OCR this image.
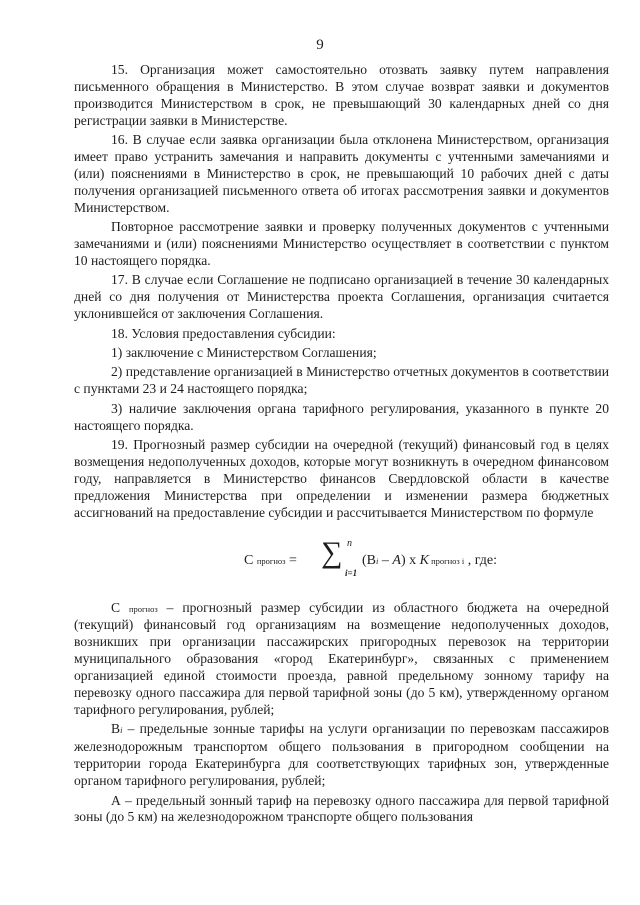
9

15. Организация может самостоятельно отозвать заявку путем направления письменного обращения в Министерство. В этом случае возврат заявки и документов производится Министерством в срок, не превышающий 30 календарных дней со дня регистрации заявки в Министерстве.

16. В случае если заявка организации была отклонена Министерством, организация имеет право устранить замечания и направить документы с учтенными замечаниями и (или) пояснениями в Министерство в срок, не превышающий 10 рабочих дней с даты получения организацией письменного ответа об итогах рассмотрения заявки и документов Министерством.

Повторное рассмотрение заявки и проверку полученных документов с учтенными замечаниями и (или) пояснениями Министерство осуществляет в соответствии с пунктом 10 настоящего порядка.

17. В случае если Соглашение не подписано организацией в течение 30 календарных дней со дня получения от Министерства проекта Соглашения, организация считается уклонившейся от заключения Соглашения.

18. Условия предоставления субсидии:

1) заключение с Министерством Соглашения;

2) представление организацией в Министерство отчетных документов в соответствии с пунктами 23 и 24 настоящего порядка;

3) наличие заключения органа тарифного регулирования, указанного в пункте 20 настоящего порядка.

19. Прогнозный размер субсидии на очередной (текущий) финансовый год в целях возмещения недополученных доходов, которые могут возникнуть в очередном финансовом году, направляется в Министерство финансов Свердловской области в качестве предложения Министерства при определении и изменении размера бюджетных ассигнований на предоставление субсидии и рассчитывается Министерством по формуле

С прогноз = ∑ n
i=1
(Вi – A) х K прогноз i , где:

С прогноз – прогнозный размер субсидии из областного бюджета на очередной (текущий) финансовый год организациям на возмещение недополученных доходов, возникших при организации пассажирских пригородных перевозок на территории муниципального образования «город Екатеринбург», связанных с применением организацией единой стоимости проезда, равной предельному зонному тарифу на перевозку одного пассажира для первой тарифной зоны (до 5 км), утвержденному органом тарифного регулирования, рублей;

Вi – предельные зонные тарифы на услуги организации по перевозкам пассажиров железнодорожным транспортом общего пользования в пригородном сообщении на территории города Екатеринбурга для соответствующих тарифных зон, утвержденные органом тарифного регулирования, рублей;

А – предельный зонный тариф на перевозку одного пассажира для первой тарифной зоны (до 5 км) на железнодорожном транспорте общего пользования
